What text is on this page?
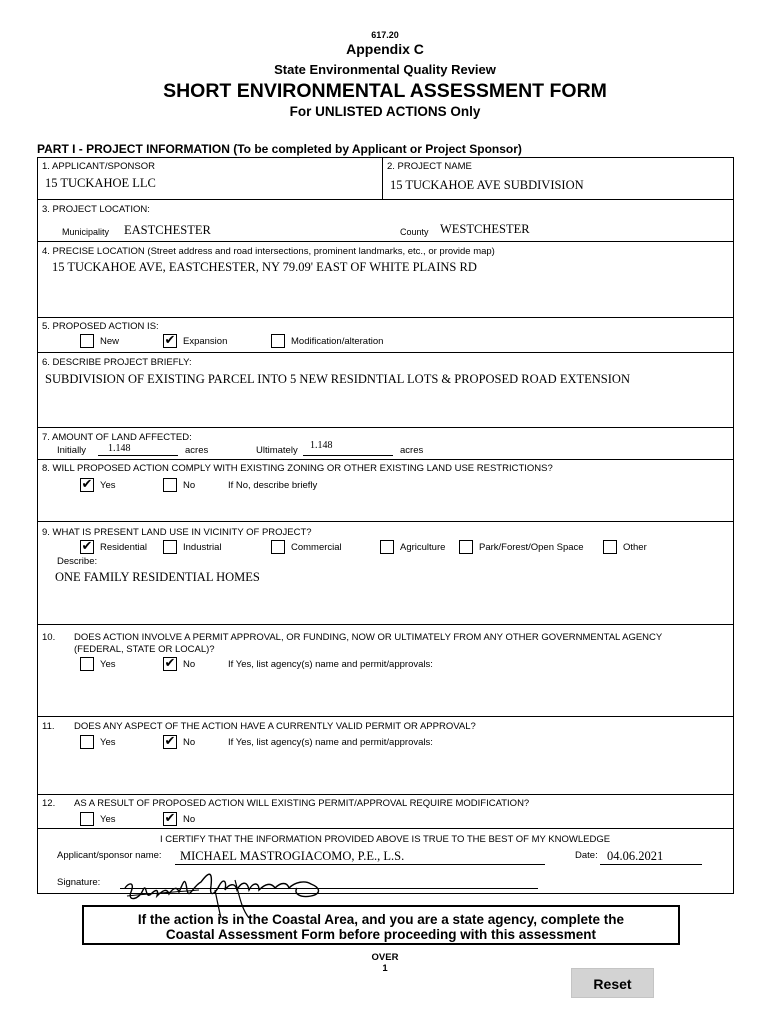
617.20
Appendix C
State Environmental Quality Review
SHORT ENVIRONMENTAL ASSESSMENT FORM
For UNLISTED ACTIONS Only
PART I - PROJECT INFORMATION (To be completed by Applicant or Project Sponsor)
1. APPLICANT/SPONSOR
15 TUCKAHOE LLC
2. PROJECT NAME
15 TUCKAHOE AVE SUBDIVISION
3. PROJECT LOCATION:
Municipality EASTCHESTER	County WESTCHESTER
4. PRECISE LOCATION (Street address and road intersections, prominent landmarks, etc., or provide map)
15 TUCKAHOE AVE, EASTCHESTER, NY 79.09' EAST OF WHITE PLAINS RD
5. PROPOSED ACTION IS:
New	✔ Expansion	Modification/alteration
6. DESCRIBE PROJECT BRIEFLY:
SUBDIVISION OF EXISTING PARCEL INTO 5 NEW RESIDNTIAL LOTS & PROPOSED ROAD EXTENSION
7. AMOUNT OF LAND AFFECTED:
Initially 1.148	acres	Ultimately 1.148	acres
8. WILL PROPOSED ACTION COMPLY WITH EXISTING ZONING OR OTHER EXISTING LAND USE RESTRICTIONS?
✔ Yes	No	If No, describe briefly
9. WHAT IS PRESENT LAND USE IN VICINITY OF PROJECT?
✔ Residential	Industrial	Commercial	Agriculture	Park/Forest/Open Space	Other
Describe:
ONE FAMILY RESIDENTIAL HOMES
10. DOES ACTION INVOLVE A PERMIT APPROVAL, OR FUNDING, NOW OR ULTIMATELY FROM ANY OTHER GOVERNMENTAL AGENCY
(FEDERAL, STATE OR LOCAL)?
Yes	✔ No	If Yes, list agency(s) name and permit/approvals:
11. DOES ANY ASPECT OF THE ACTION HAVE A CURRENTLY VALID PERMIT OR APPROVAL?
Yes	✔ No	If Yes, list agency(s) name and permit/approvals:
12. AS A RESULT OF PROPOSED ACTION WILL EXISTING PERMIT/APPROVAL REQUIRE MODIFICATION?
Yes	✔ No
I CERTIFY THAT THE INFORMATION PROVIDED ABOVE IS TRUE TO THE BEST OF MY KNOWLEDGE
Applicant/sponsor name: MICHAEL MASTROGIACOMO, P.E., L.S.	Date: 04.06.2021
Signature:
If the action is in the Coastal Area, and you are a state agency, complete the
Coastal Assessment Form before proceeding with this assessment
OVER
1
Reset
